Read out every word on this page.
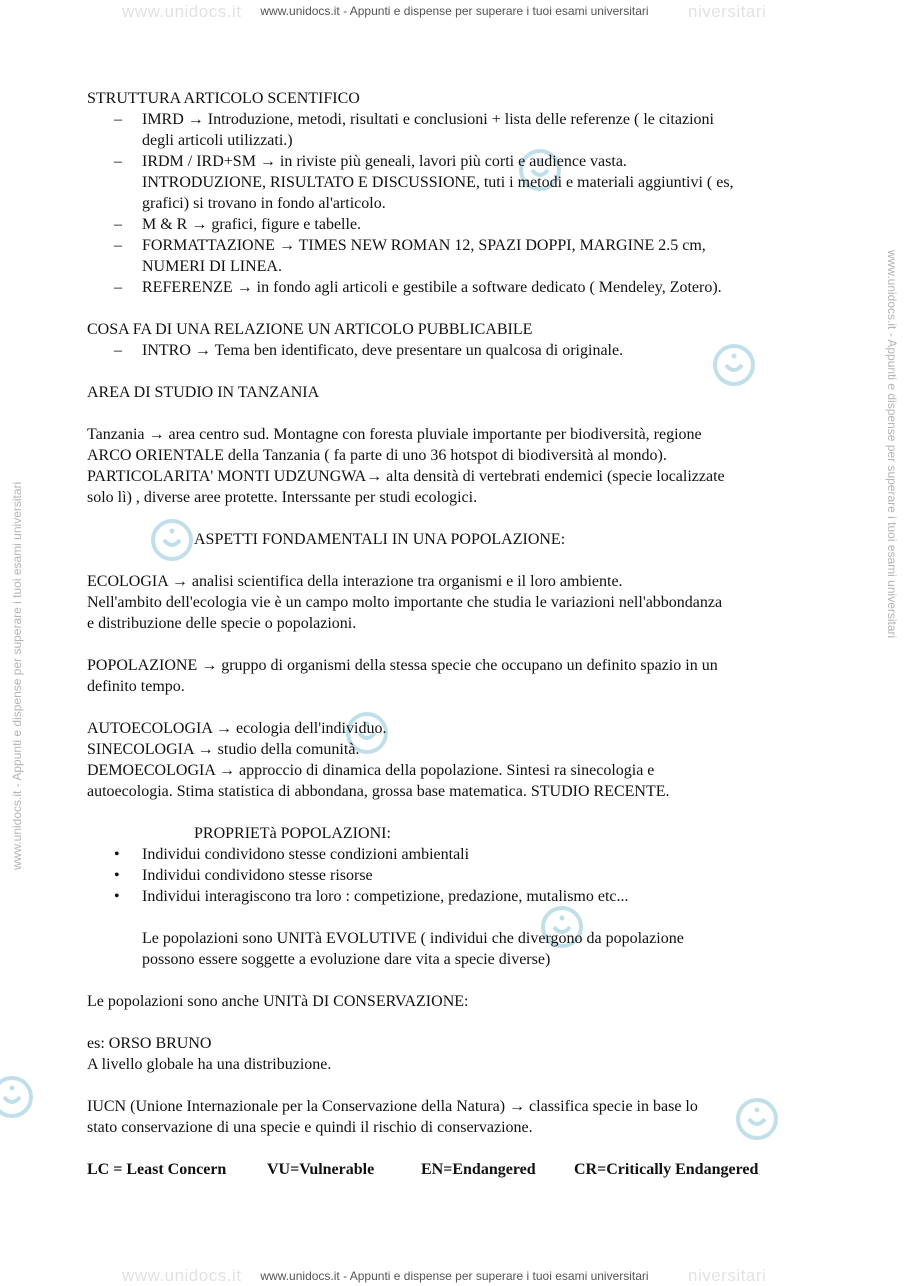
www.unidocs.it	niversitari
www.unidocs.it - Appunti e dispense per superare i tuoi esami universitari
www.unidocs.it - Appunti e dispense per superare i tuoi esami universitari
www.unidocs.it - Appunti e dispense per superare i tuoi esami universitari

STRUTTURA ARTICOLO SCENTIFICO

– IMRD → Introduzione, metodi, risultati e conclusioni + lista delle referenze ( le citazioni

degli articoli utilizzati.)

– IRDM / IRD+SM → in riviste più geneali, lavori più corti e audience vasta.

INTRODUZIONE, RISULTATO E DISCUSSIONE, tuti i metodi e materiali aggiuntivi ( es,

grafici) si trovano in fondo al'articolo.

– M & R → grafici, figure e tabelle.

– FORMATTAZIONE → TIMES NEW ROMAN 12, SPAZI DOPPI, MARGINE 2.5 cm,

NUMERI DI LINEA.

– REFERENZE → in fondo agli articoli e gestibile a software dedicato ( Mendeley, Zotero).

COSA FA DI UNA RELAZIONE UN ARTICOLO PUBBLICABILE

– INTRO → Tema ben identificato, deve presentare un qualcosa di originale.

AREA DI STUDIO IN TANZANIA

Tanzania → area centro sud. Montagne con foresta pluviale importante per biodiversità, regione

ARCO ORIENTALE della Tanzania ( fa parte di uno 36 hotspot di biodiversità al mondo).

PARTICOLARITA' MONTI UDZUNGWA→ alta densità di vertebrati endemici (specie localizzate

solo lì) , diverse aree protette. Interssante per studi ecologici.

ASPETTI FONDAMENTALI IN UNA POPOLAZIONE:

ECOLOGIA → analisi scientifica della interazione tra organismi e il loro ambiente.

Nell'ambito dell'ecologia vie è un campo molto importante che studia le variazioni nell'abbondanza

e distribuzione delle specie o popolazioni.

POPOLAZIONE → gruppo di organismi della stessa specie che occupano un definito spazio in un

definito tempo.

AUTOECOLOGIA → ecologia dell'individuo.

SINECOLOGIA → studio della comunità.

DEMOECOLOGIA → approccio di dinamica della popolazione. Sintesi ra sinecologia e

autoecologia. Stima statistica di abbondana, grossa base matematica. STUDIO RECENTE.

PROPRIETà POPOLAZIONI:

• Individui condividono stesse condizioni ambientali

• Individui condividono stesse risorse

• Individui interagiscono tra loro : competizione, predazione, mutalismo etc...

Le popolazioni sono UNITà EVOLUTIVE ( individui che divergono da popolazione

possono essere soggette a evoluzione dare vita a specie diverse)

Le popolazioni sono anche UNITà DI CONSERVAZIONE:

es: ORSO BRUNO

A livello globale ha una distribuzione.

IUCN (Unione Internazionale per la Conservazione della Natura) → classifica specie in base lo

stato conservazione di una specie e quindi il rischio di conservazione.

LC = Least Concern	VU=Vulnerable	EN=Endangered CR=Critically Endangered

www.unidocs.it	niversitari
www.unidocs.it - Appunti e dispense per superare i tuoi esami universitari
